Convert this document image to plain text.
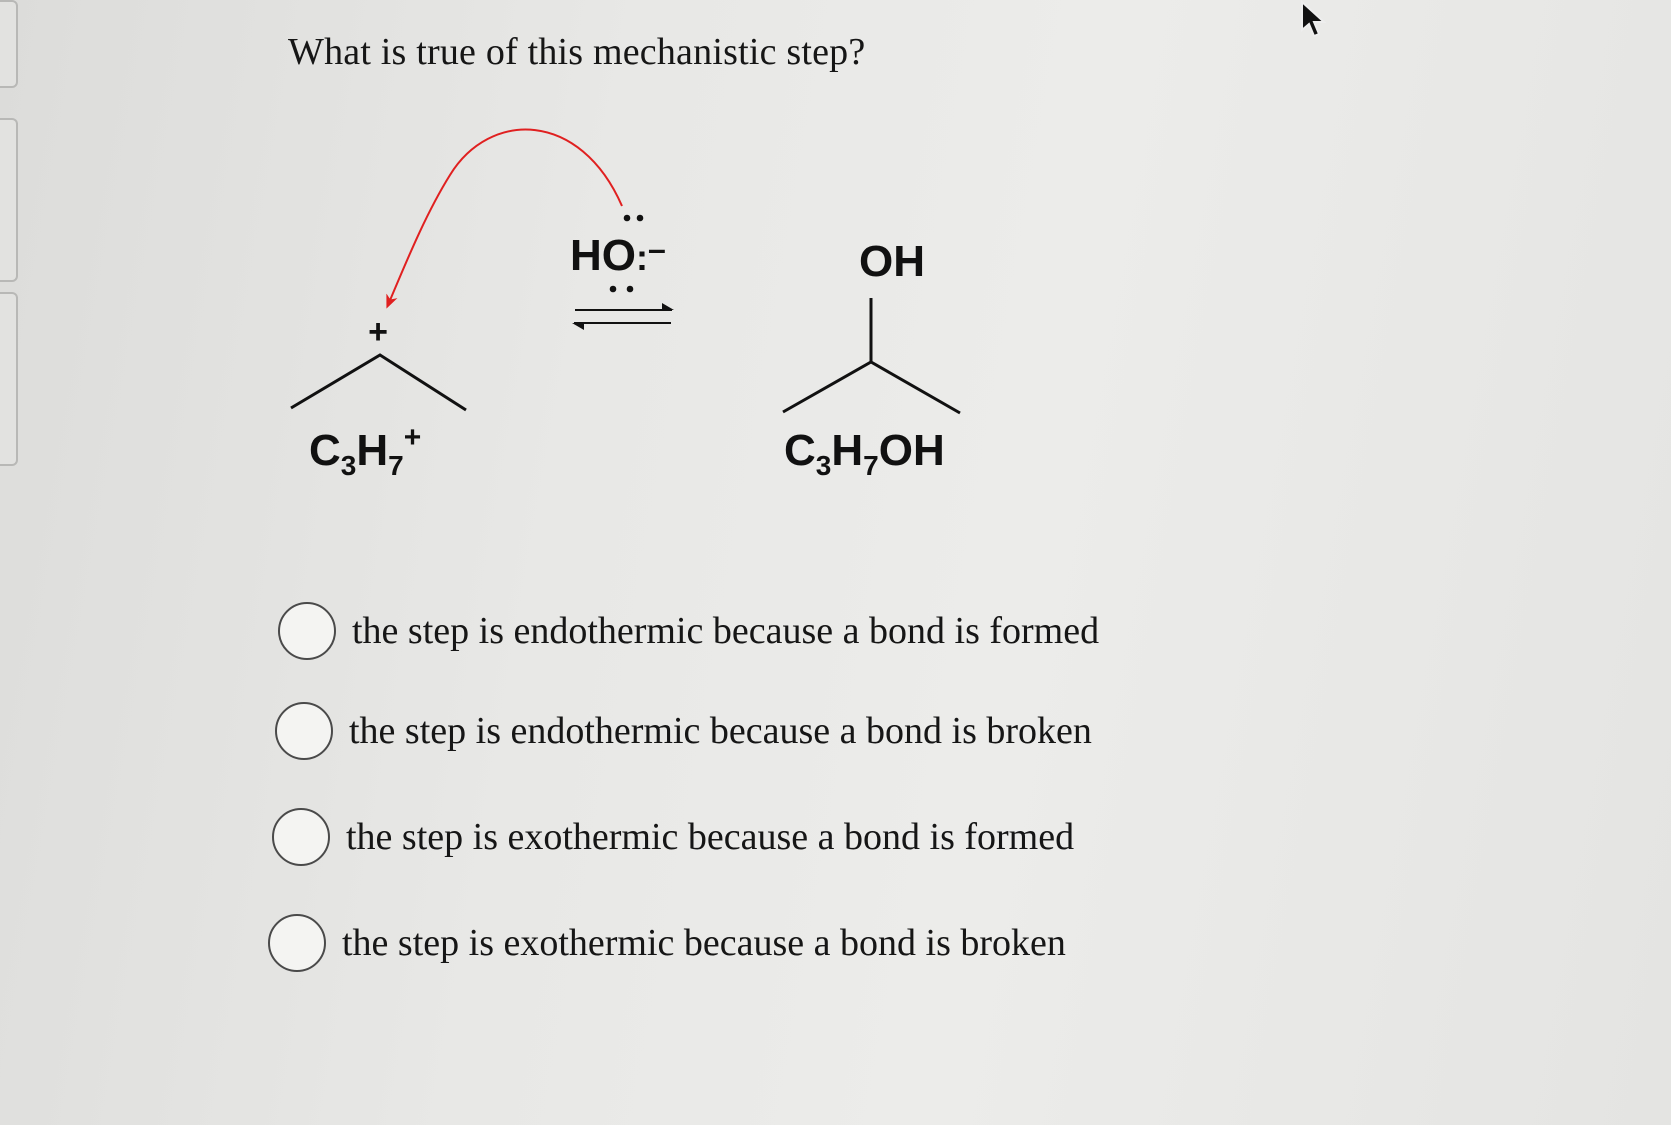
What is true of this mechanistic step?
+
$C_3H_7^+$
HO:–	OH
$C_3H_7OH$
the step is endothermic because a bond is formed
the step is endothermic because a bond is broken
the step is exothermic because a bond is formed
the step is exothermic because a bond is broken
